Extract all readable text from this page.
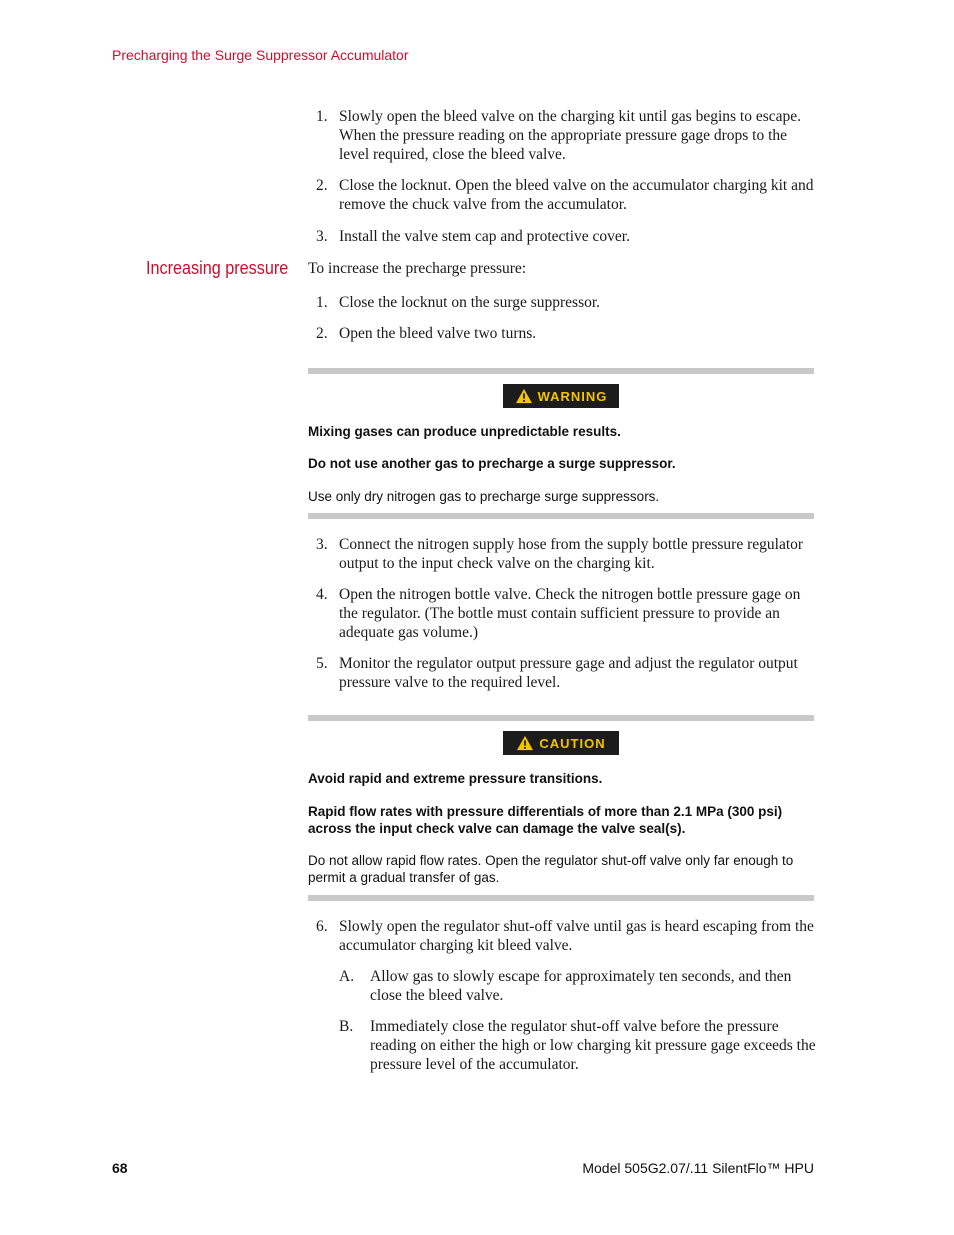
Precharging the Surge Suppressor Accumulator
1. Slowly open the bleed valve on the charging kit until gas begins to escape. When the pressure reading on the appropriate pressure gage drops to the level required, close the bleed valve.
2. Close the locknut. Open the bleed valve on the accumulator charging kit and remove the chuck valve from the accumulator.
3. Install the valve stem cap and protective cover.
Increasing pressure To increase the precharge pressure:
1. Close the locknut on the surge suppressor.
2. Open the bleed valve two turns.
WARNING
Mixing gases can produce unpredictable results.
Do not use another gas to precharge a surge suppressor.
Use only dry nitrogen gas to precharge surge suppressors.
3. Connect the nitrogen supply hose from the supply bottle pressure regulator output to the input check valve on the charging kit.
4. Open the nitrogen bottle valve. Check the nitrogen bottle pressure gage on the regulator. (The bottle must contain sufficient pressure to provide an adequate gas volume.)
5. Monitor the regulator output pressure gage and adjust the regulator output pressure valve to the required level.
CAUTION
Avoid rapid and extreme pressure transitions.
Rapid flow rates with pressure differentials of more than 2.1 MPa (300 psi) across the input check valve can damage the valve seal(s).
Do not allow rapid flow rates. Open the regulator shut-off valve only far enough to permit a gradual transfer of gas.
6. Slowly open the regulator shut-off valve until gas is heard escaping from the accumulator charging kit bleed valve.
A. Allow gas to slowly escape for approximately ten seconds, and then close the bleed valve.
B. Immediately close the regulator shut-off valve before the pressure reading on either the high or low charging kit pressure gage exceeds the pressure level of the accumulator.
68	Model 505G2.07/.11 SilentFlo™ HPU
